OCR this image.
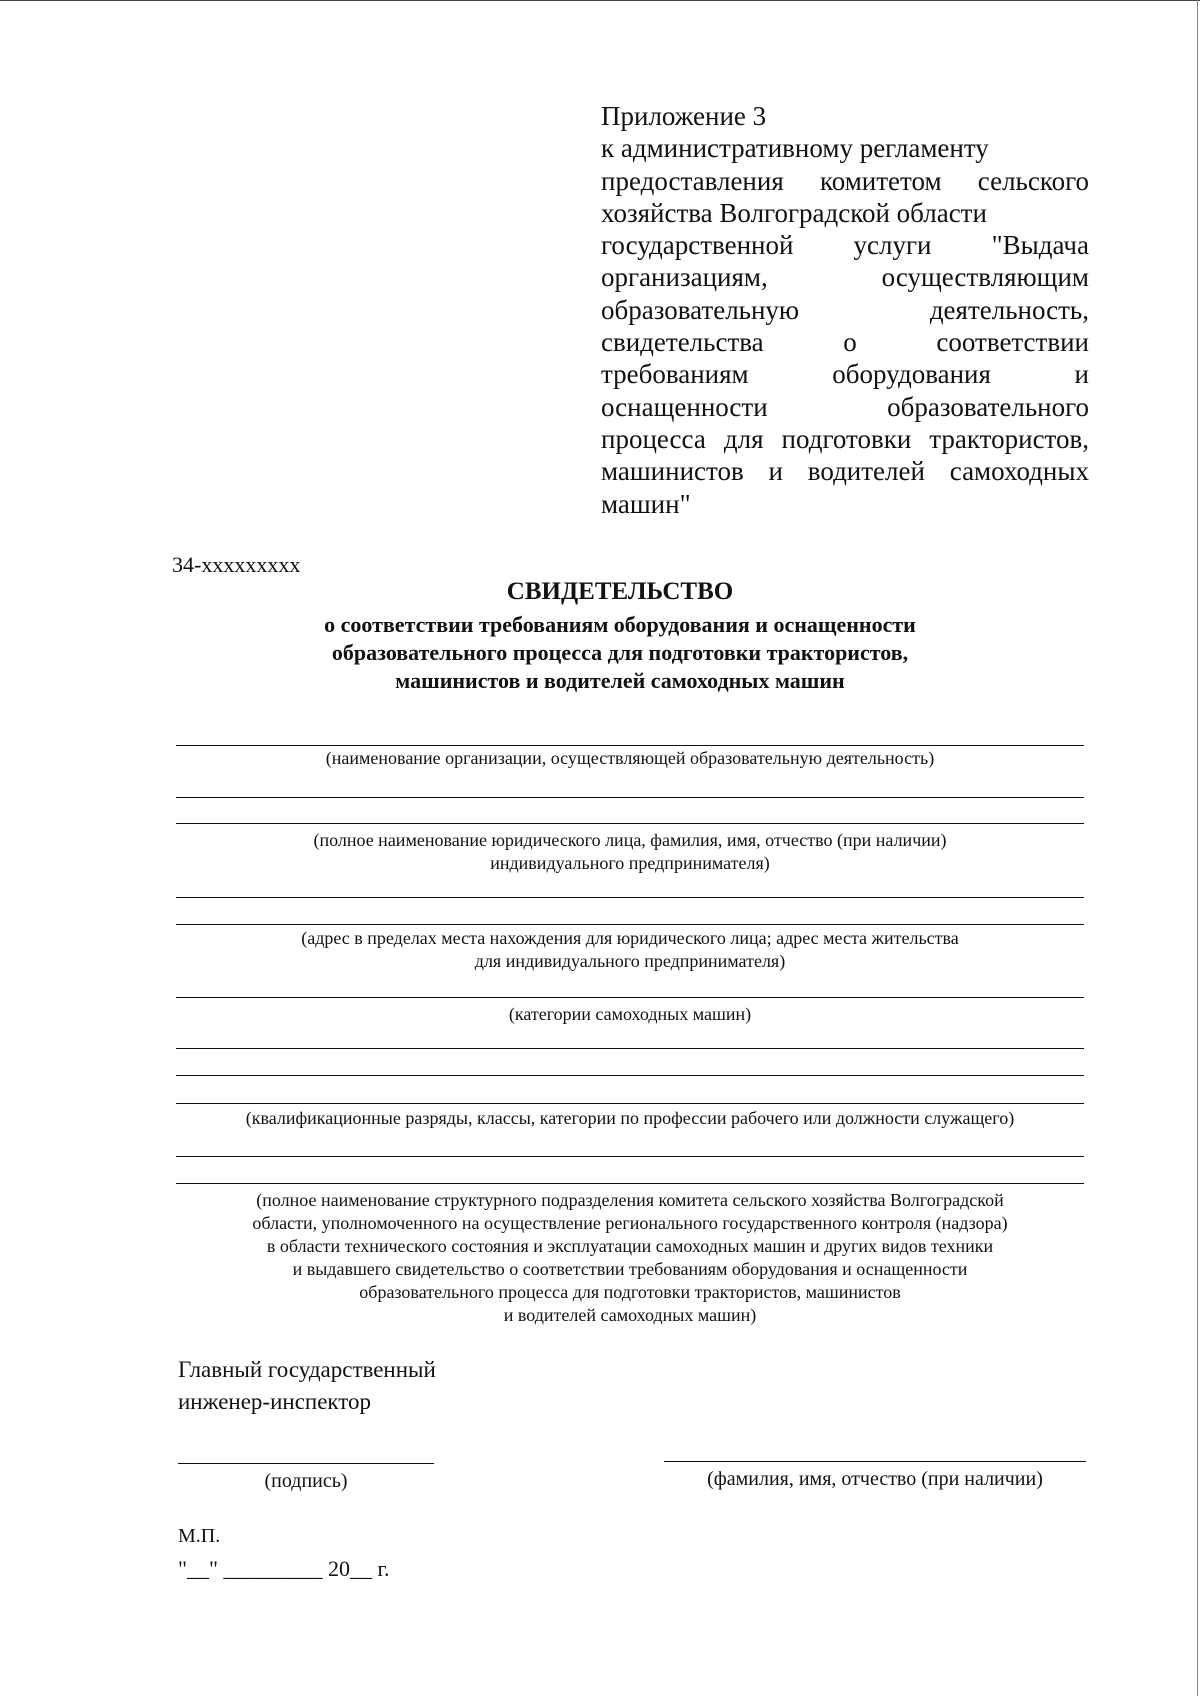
Приложение 3
к административному регламенту
предоставления комитетом сельского
хозяйства Волгоградской области
государственной услуги "Выдача
организациям, осуществляющим
образовательную деятельность,
свидетельства о соответствии
требованиям оборудования и
оснащенности образовательного
процесса для подготовки трактористов,
машинистов и водителей самоходных
машин"
34-xxxxxxxxx
СВИДЕТЕЛЬСТВО
о соответствии требованиям оборудования и оснащенности
образовательного процесса для подготовки трактористов,
машинистов и водителей самоходных машин
(наименование организации, осуществляющей образовательную деятельность)
(полное наименование юридического лица, фамилия, имя, отчество (при наличии)
индивидуального предпринимателя)
(адрес в пределах места нахождения для юридического лица; адрес места жительства
для индивидуального предпринимателя)
(категории самоходных машин)
(квалификационные разряды, классы, категории по профессии рабочего или должности служащего)
(полное наименование структурного подразделения комитета сельского хозяйства Волгоградской
области, уполномоченного на осуществление регионального государственного контроля (надзора)
в области технического состояния и эксплуатации самоходных машин и других видов техники
и выдавшего свидетельство о соответствии требованиям оборудования и оснащенности
образовательного процесса для подготовки трактористов, машинистов
и водителей самоходных машин)
Главный государственный
инженер-инспектор
(подпись)	(фамилия, имя, отчество (при наличии)
М.П.
"__" _________ 20__ г.
